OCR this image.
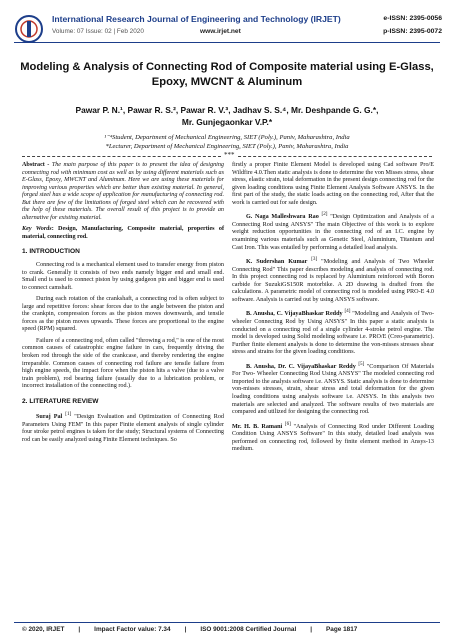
International Research Journal of Engineering and Technology (IRJET)
Volume: 07 Issue: 02 | Feb 2020	www.irjet.net
e-ISSN: 2395-0056
p-ISSN: 2395-0072
Modeling & Analysis of Connecting Rod of Composite material using E-Glass, Epoxy, MWCNT & Aluminum
Pawar P. N.¹, Pawar R. S.², Pawar R. V.³, Jadhav S. S.⁴, Mr. Deshpande G. G.*,
Mr. Gunjegaonkar V.P.*
¹⁻⁴Student, Department of Mechanical Engineering, SIET (Poly.), Paniv, Maharashtra, India
*Lecturer, Department of Mechanical Engineering, SIET (Poly.), Paniv, Maharashtra, India
***

Abstract - The main purpose of this paper is to present the idea of designing connecting rod with minimum cost as well as by using different materials such as E-Glass, Epoxy, MWCNT and Aluminum. Here we are using these materials for improving various properties which are better than existing material. In general, forged steel has a wide scope of application for manufacturing of connecting rod. But there are few of the limitations of forged steel which can be recovered with the help of these materials. The overall result of this project is to provide an alternative for existing material.

Key Words: Design, Manufacturing, Composite material, properties of material, connecting rod.

1. INTRODUCTION

Connecting rod is a mechanical element used to transfer energy from piston to crank. Generally it consists of two ends namely bigger end and small end. Small end is used to connect piston by using gudgeon pin and bigger end is used to connect camshaft.

During each rotation of the crankshaft, a connecting rod is often subject to large and repetitive forces: shear forces due to the angle between the piston and the crankpin, compression forces as the piston moves downwards, and tensile forces as the piston moves upwards. These forces are proportional to the engine speed (RPM) squared.

Failure of a connecting rod, often called "throwing a rod," is one of the most common causes of catastrophic engine failure in cars, frequently driving the broken rod through the side of the crankcase, and thereby rendering the engine irreparable. Common causes of connecting rod failure are tensile failure from high engine speeds, the impact force when the piston hits a valve (due to a valve train problem), rod bearing failure (usually due to a lubrication problem, or incorrect installation of the connecting rod.).

2. LITERATURE REVIEW

Suraj Pal [1] "Design Evaluation and Optimization of Connecting Rod Parameters Using FEM" In this paper Finite element analysis of single cylinder four stroke petrol engines is taken for the study; Structural systems of Connecting rod can be easily analyzed using Finite Element techniques. So

firstly a proper Finite Element Model is developed using Cad software Pro/E Wildfire 4.0.Then static analysis is done to determine the von Misses stress, shear stress, elastic strain, total deformation in the present design connecting rod for the given loading conditions using Finite Element Analysis Software ANSYS. In the first part of the study, the static loads acting on the connecting rod, After that the work is carried out for safe design.

G. Naga Malleshwara Rao [2] "Design Optimization and Analysis of a Connecting Rod using ANSYS" The main Objective of this work is to explore weight reduction opportunities in the connecting rod of an I.C. engine by examining various materials such as Genetic Steel, Aluminium, Titanium and Cast Iron. This was entailed by performing a detailed load analysis.

K. Sudershan Kumar [3] "Modeling and Analysis of Two Wheeler Connecting Rod" This paper describes modeling and analysis of connecting rod. In this project connecting rod is replaced by Aluminium reinforced with Boron carbide for SuzukiGS150R motorbike. A 2D drawing is drafted from the calculations. A parametric model of connecting rod is modeled using PRO-E 4.0 software. Analysis is carried out by using ANSYS software.

B. Anusha, C. VijayaBhaskar Reddy [4] "Modeling and Analysis of Two-wheeler Connecting Rod by Using ANSYS" In this paper a static analysis is conducted on a connecting rod of a single cylinder 4-stroke petrol engine. The model is developed using Solid modeling software i.e. PRO/E (Creo-parametric). Further finite element analysis is done to determine the von-misses stresses shear stress and strains for the given loading conditions.

B. Anusha, Dr. C. VijayaBhaskar Reddy [5] "Comparison Of Materials For Two- Wheeler Connecting Rod Using ANSYS" The modeled connecting rod imported to the analysis software i.e. ANSYS. Static analysis is done to determine von-misses stresses, strain, shear stress and total deformation for the given loading conditions using analysis software i.e. ANSYS. In this analysis two materials are selected and analyzed. The software results of two materials are compared and utilized for designing the connecting rod.

Mr. H. B. Ramani [6] "Analysis of Connecting Rod under Different Loading Condition Using ANSYS Software" In this study, detailed load analysis was performed on connecting rod, followed by finite element method in Ansys-13 medium.

© 2020, IRJET | Impact Factor value: 7.34 | ISO 9001:2008 Certified Journal | Page 1817
